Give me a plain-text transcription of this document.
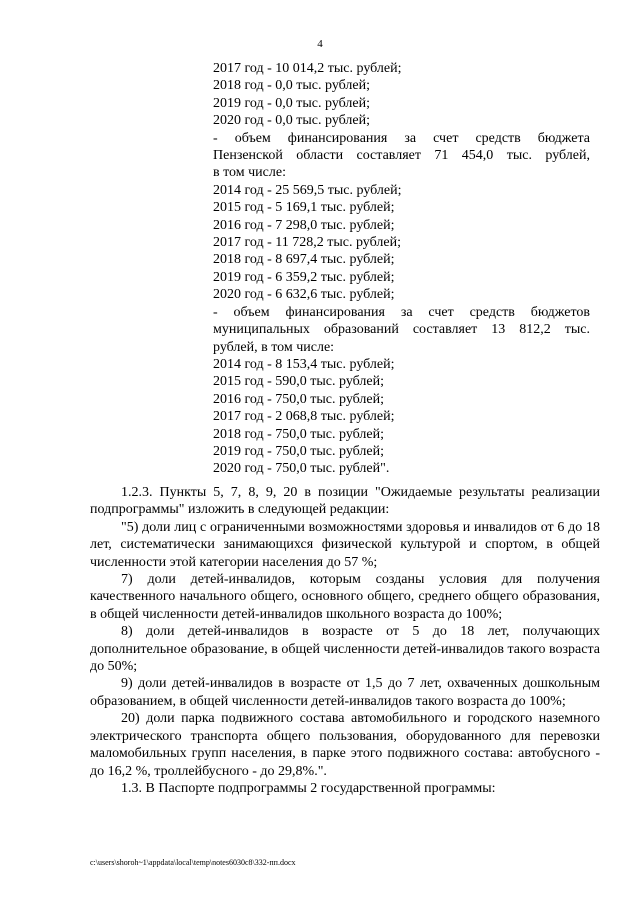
4
2017 год - 10 014,2 тыс. рублей;
2018 год - 0,0 тыс. рублей;
2019 год - 0,0 тыс. рублей;
2020 год - 0,0 тыс. рублей;
- объем финансирования за счет средств бюджета
Пензенской области составляет 71 454,0 тыс. рублей,
в том числе:
2014 год - 25 569,5 тыс. рублей;
2015 год - 5 169,1 тыс. рублей;
2016 год - 7 298,0 тыс. рублей;
2017 год - 11 728,2 тыс. рублей;
2018 год - 8 697,4 тыс. рублей;
2019 год - 6 359,2 тыс. рублей;
2020 год - 6 632,6 тыс. рублей;
- объем финансирования за счет средств бюджетов
муниципальных образований составляет 13 812,2 тыс.
рублей, в том числе:
2014 год - 8 153,4 тыс. рублей;
2015 год - 590,0 тыс. рублей;
2016 год - 750,0 тыс. рублей;
2017 год - 2 068,8 тыс. рублей;
2018 год - 750,0 тыс. рублей;
2019 год - 750,0 тыс. рублей;
2020 год - 750,0 тыс. рублей".

1.2.3. Пункты 5, 7, 8, 9, 20 в позиции "Ожидаемые результаты реализации подпрограммы" изложить в следующей редакции:

"5) доли лиц с ограниченными возможностями здоровья и инвалидов от 6 до 18 лет, систематически занимающихся физической культурой и спортом, в общей численности этой категории населения до 57 %;

7) доли детей-инвалидов, которым созданы условия для получения качественного начального общего, основного общего, среднего общего образования, в общей численности детей-инвалидов школьного возраста до 100%;

8) доли детей-инвалидов в возрасте от 5 до 18 лет, получающих дополнительное образование, в общей численности детей-инвалидов такого возраста до 50%;

9) доли детей-инвалидов в возрасте от 1,5 до 7 лет, охваченных дошкольным образованием, в общей численности детей-инвалидов такого возраста до 100%;

20) доли парка подвижного состава автомобильного и городского наземного электрического транспорта общего пользования, оборудованного для перевозки маломобильных групп населения, в парке этого подвижного состава: автобусного - до 16,2 %, троллейбусного - до 29,8%.".

1.3. В Паспорте подпрограммы 2 государственной программы:

c:\users\shoroh~1\appdata\local\temp\notes6030c8\332-пп.docx
